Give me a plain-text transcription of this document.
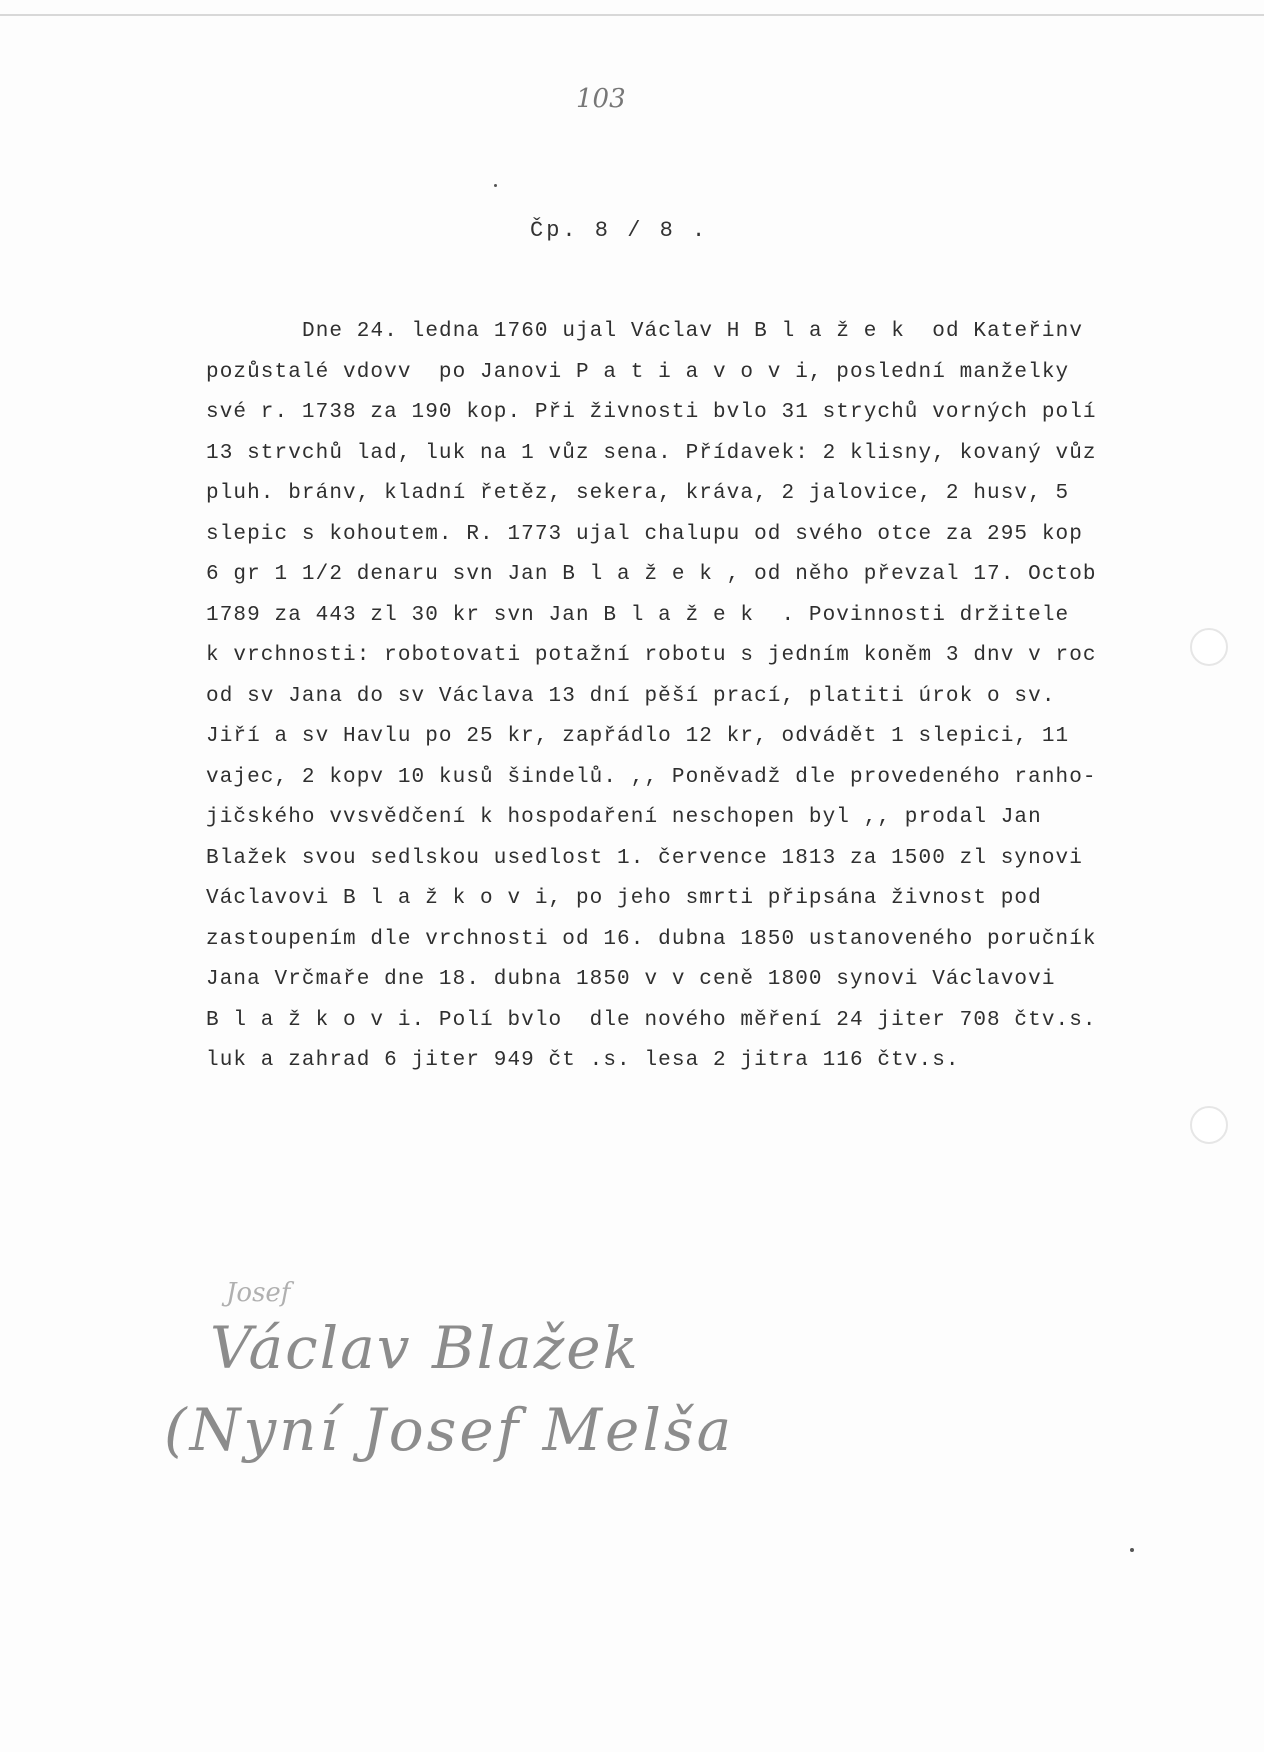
103
Čp. 8 / 8 .
Dne 24. ledna 1760 ujal Václav H B l a ž e k  od Kateřinv
pozůstalé vdovv  po Janovi P a t i a v o v i, poslední manželky
své r. 1738 za 190 kop. Při živnosti bvlo 31 strychů vorných polí
13 strvchů lad, luk na 1 vůz sena. Přídavek: 2 klisny, kovaný vůz
pluh. bránv, kladní řetěz, sekera, kráva, 2 jalovice, 2 husv, 5
slepic s kohoutem. R. 1773 ujal chalupu od svého otce za 295 kop
6 gr 1 1/2 denaru svn Jan B l a ž e k , od něho převzal 17. Octob
1789 za 443 zl 30 kr svn Jan B l a ž e k  . Povinnosti držitele
k vrchnosti: robotovati potažní robotu s jedním koněm 3 dnv v roc
od sv Jana do sv Václava 13 dní pěší prací, platiti úrok o sv.
Jiří a sv Havlu po 25 kr, zapřádlo 12 kr, odvádět 1 slepici, 11
vajec, 2 kopv 10 kusů šindelů. ,, Poněvadž dle provedeného ranho-
jičského vvsvědčení k hospodaření neschopen byl ,, prodal Jan
Blažek svou sedlskou usedlost 1. července 1813 za 1500 zl synovi
Václavovi B l a ž k o v i, po jeho smrti připsána živnost pod
zastoupením dle vrchnosti od 16. dubna 1850 ustanoveného poručník
Jana Vrčmaře dne 18. dubna 1850 v v ceně 1800 synovi Václavovi
B l a ž k o v i. Polí bvlo  dle nového měření 24 jiter 708 čtv.s.
luk a zahrad 6 jiter 949 čt .s. lesa 2 jitra 116 čtv.s.
Josef
Václav Blažek
(Nyní Josef Melša
